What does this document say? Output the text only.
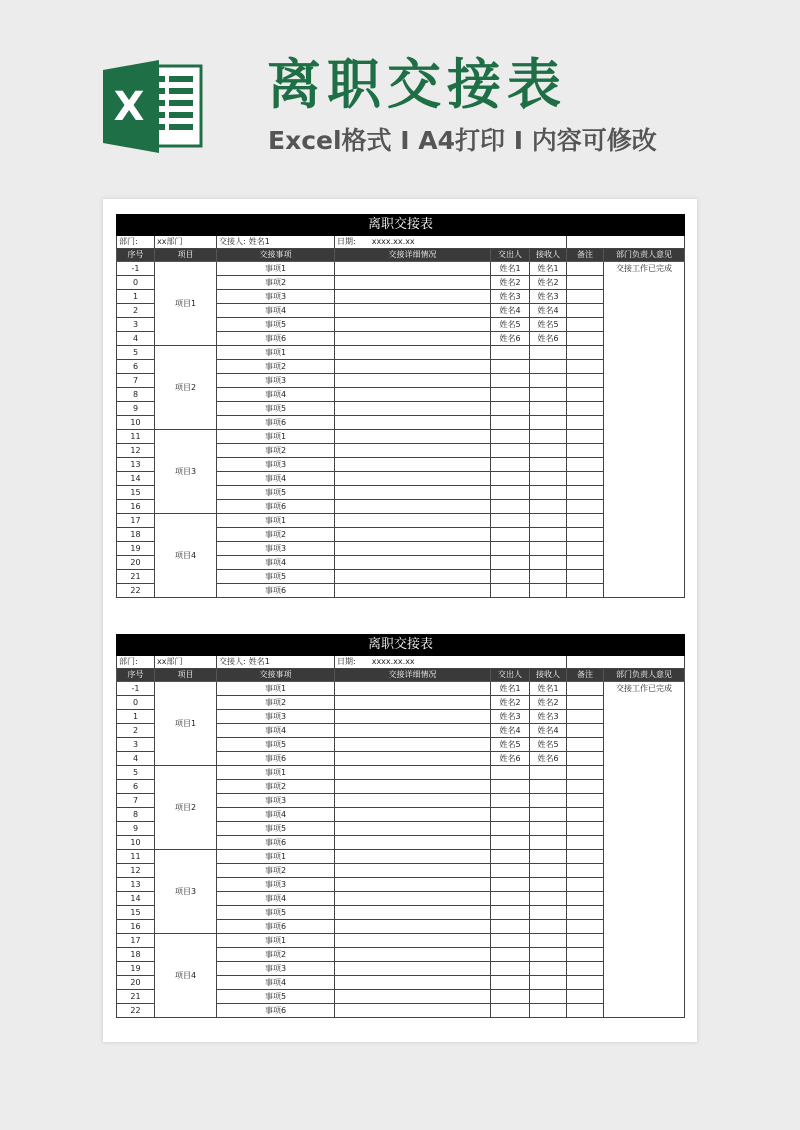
X 离职交接表
Excel格式 I A4打印 I 内容可修改
离职交接表							
部门:	xx部门	交接人: 姓名1	日期: xxxx.xx.xx				
序号	项目	交接事项	交接详细情况	交出人	接收人	备注	部门负责人意见
-1	项目1	事项1		姓名1	姓名1		交接工作已完成
0		事项2		姓名2	姓名2		
1		事项3		姓名3	姓名3		
2		事项4		姓名4	姓名4		
3		事项5		姓名5	姓名5		
4		事项6		姓名6	姓名6		
5	项目2	事项1					
6		事项2					
7		事项3					
8		事项4					
9		事项5					
10		事项6					
11	项目3	事项1					
12		事项2					
13		事项3					
14		事项4					
15		事项5					
16		事项6					
17	项目4	事项1					
18		事项2					
19		事项3					
20		事项4					
21		事项5					
22		事项6					
离职交接表							
部门:	xx部门	交接人: 姓名1	日期: xxxx.xx.xx				
序号	项目	交接事项	交接详细情况	交出人	接收人	备注	部门负责人意见
-1	项目1	事项1		姓名1	姓名1		交接工作已完成
0		事项2		姓名2	姓名2		
1		事项3		姓名3	姓名3		
2		事项4		姓名4	姓名4		
3		事项5		姓名5	姓名5		
4		事项6		姓名6	姓名6		
5	项目2	事项1					
6		事项2					
7		事项3					
8		事项4					
9		事项5					
10		事项6					
11	项目3	事项1					
12		事项2					
13		事项3					
14		事项4					
15		事项5					
16		事项6					
17	项目4	事项1					
18		事项2					
19		事项3					
20		事项4					
21		事项5					
22		事项6					
